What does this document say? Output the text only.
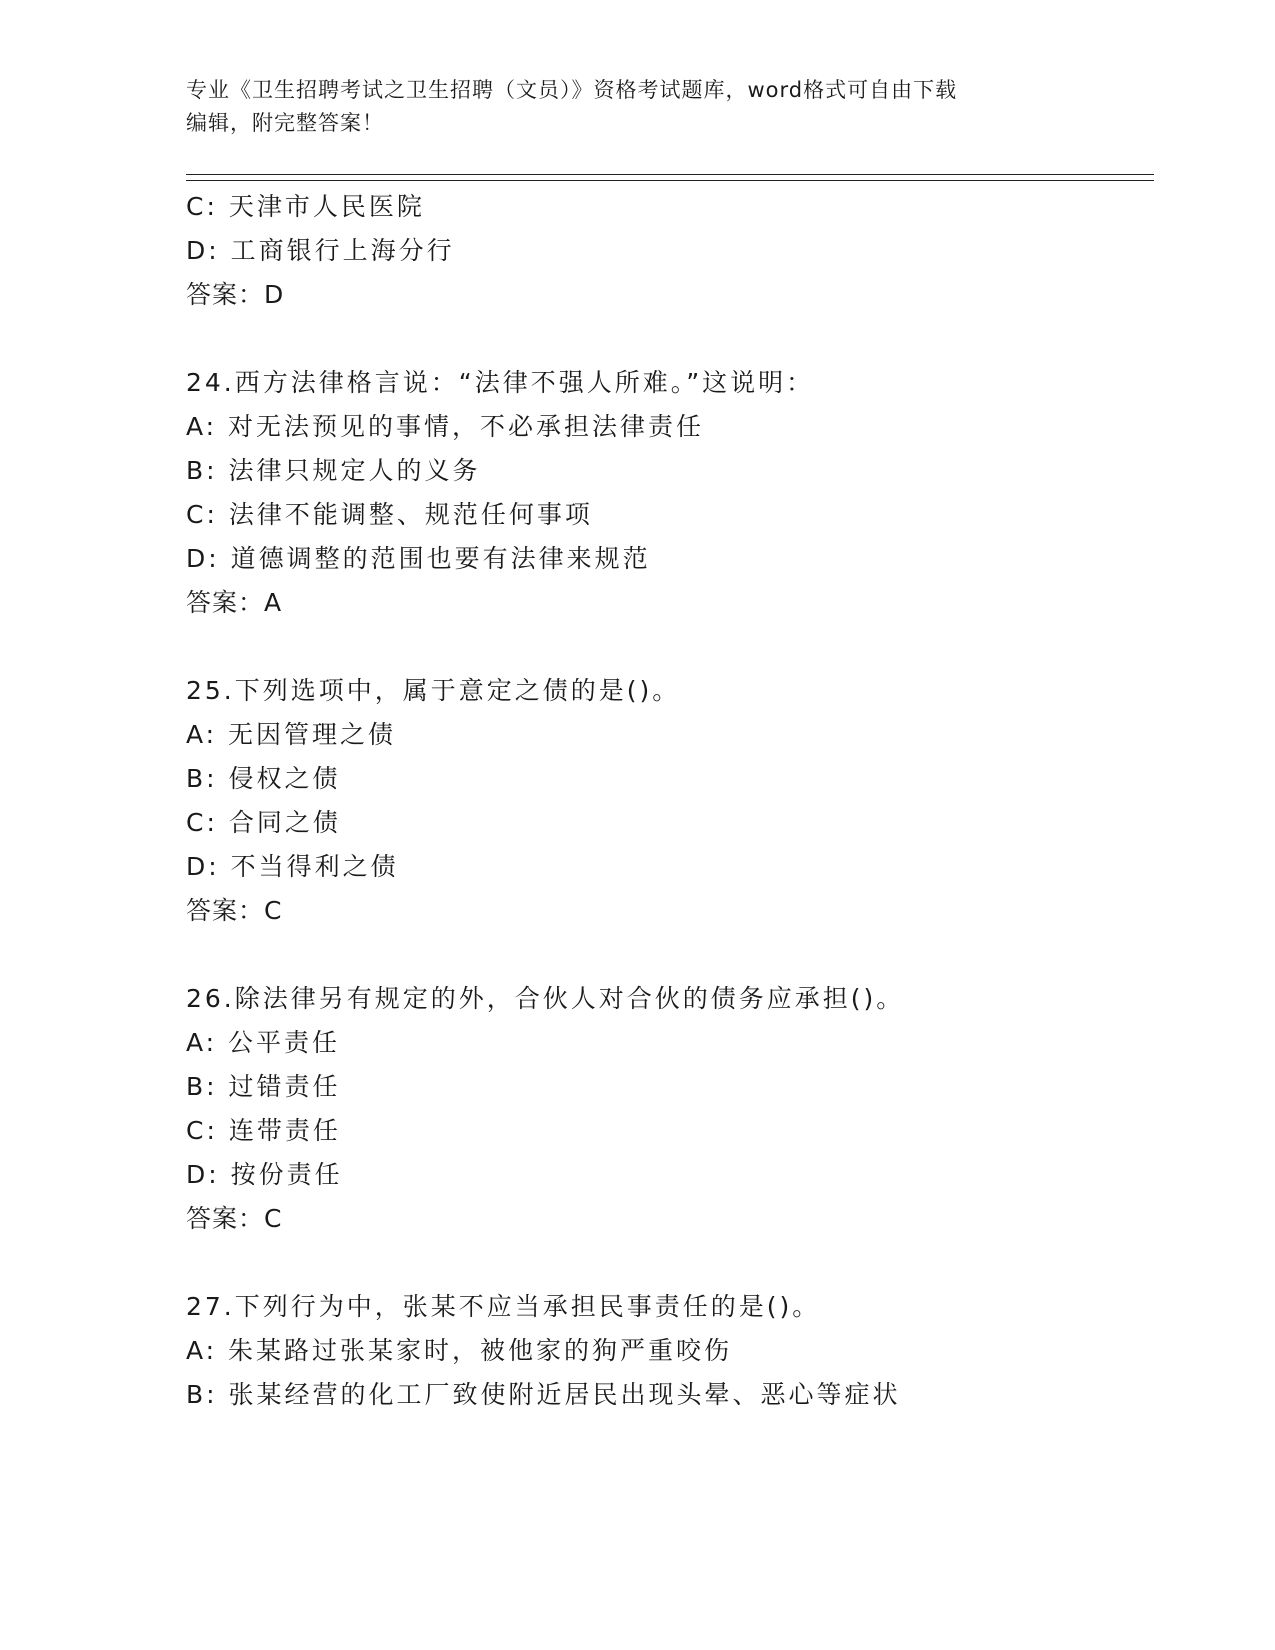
专业《卫生招聘考试之卫生招聘（文员）》资格考试题库，word格式可自由下载
编辑，附完整答案！
C: 天津市人民医院
D: 工商银行上海分行
答案：D
24.西方法律格言说：“法律不强人所难。”这说明：
A: 对无法预见的事情，不必承担法律责任
B: 法律只规定人的义务
C: 法律不能调整、规范任何事项
D: 道德调整的范围也要有法律来规范
答案：A
25.下列选项中，属于意定之债的是()。
A: 无因管理之债
B: 侵权之债
C: 合同之债
D: 不当得利之债
答案：C
26.除法律另有规定的外，合伙人对合伙的债务应承担()。
A: 公平责任
B: 过错责任
C: 连带责任
D: 按份责任
答案：C
27.下列行为中，张某不应当承担民事责任的是()。
A: 朱某路过张某家时，被他家的狗严重咬伤
B: 张某经营的化工厂致使附近居民出现头晕、恶心等症状
